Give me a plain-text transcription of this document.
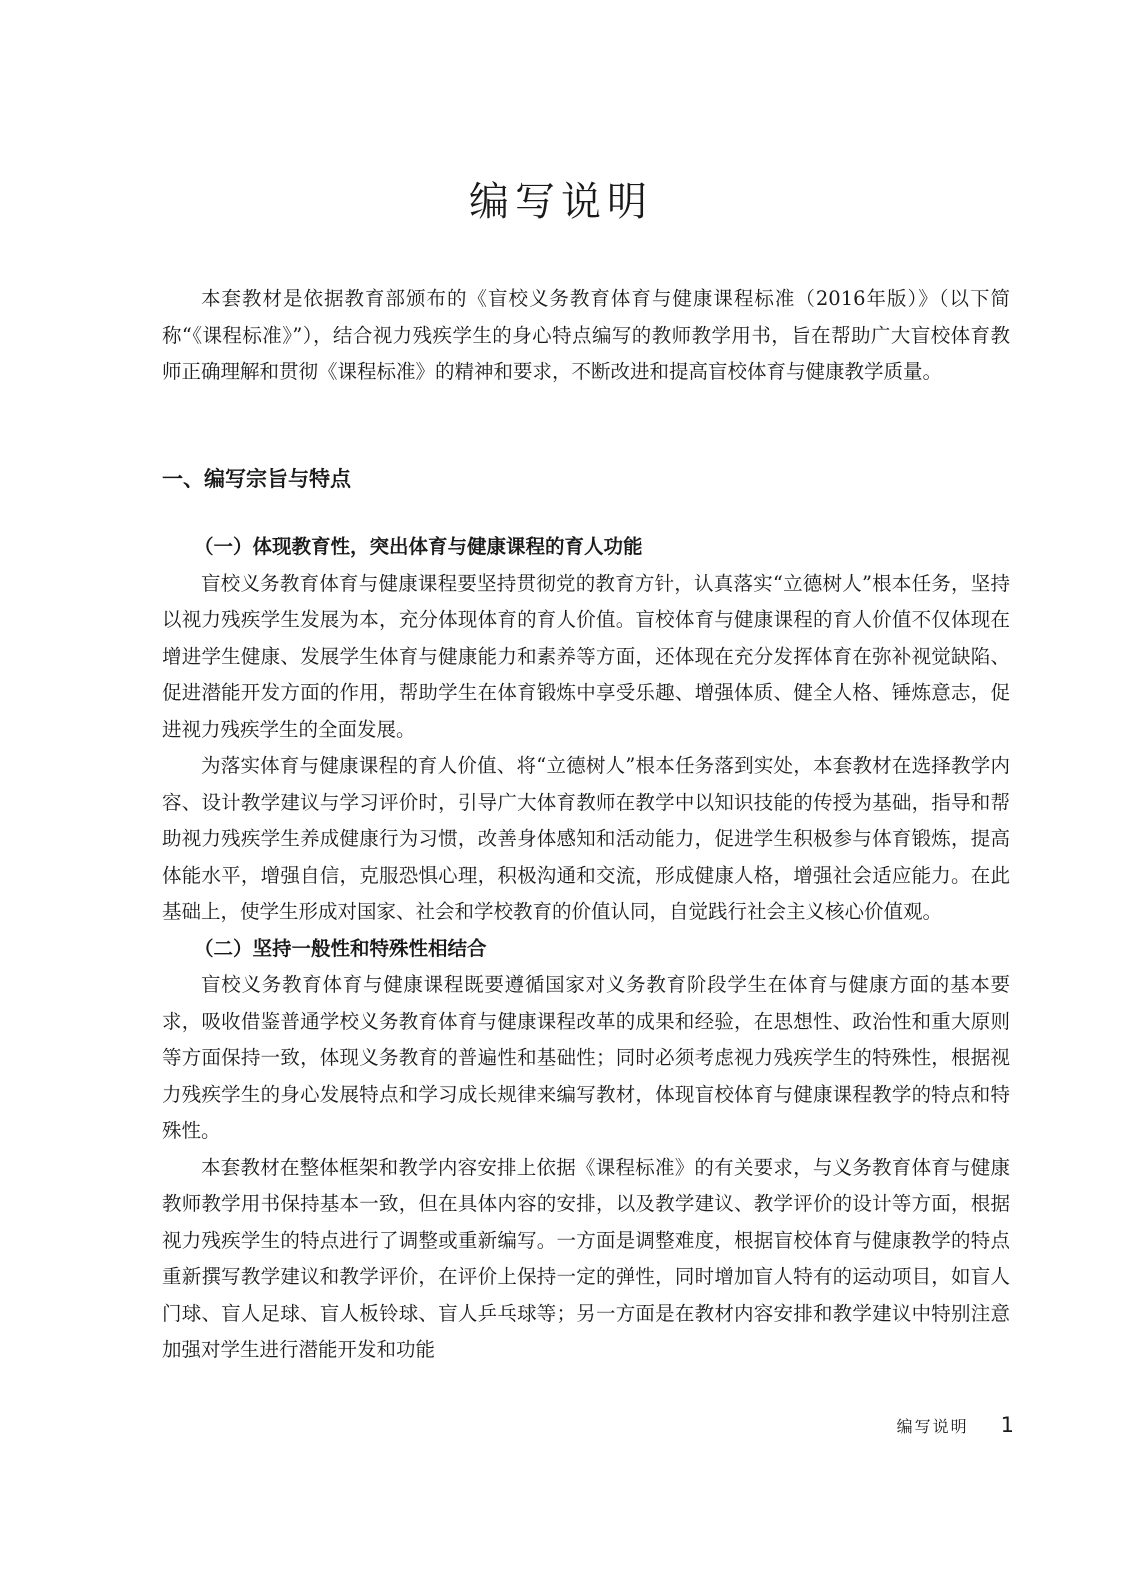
编写说明

本套教材是依据教育部颁布的《盲校义务教育体育与健康课程标准（2016年版）》（以下简称“《课程标准》”），结合视力残疾学生的身心特点编写的教师教学用书，旨在帮助广大盲校体育教师正确理解和贯彻《课程标准》的精神和要求，不断改进和提高盲校体育与健康教学质量。

一、编写宗旨与特点
（一）体现教育性，突出体育与健康课程的育人功能

盲校义务教育体育与健康课程要坚持贯彻党的教育方针，认真落实“立德树人”根本任务，坚持以视力残疾学生发展为本，充分体现体育的育人价值。盲校体育与健康课程的育人价值不仅体现在增进学生健康、发展学生体育与健康能力和素养等方面，还体现在充分发挥体育在弥补视觉缺陷、促进潜能开发方面的作用，帮助学生在体育锻炼中享受乐趣、增强体质、健全人格、锤炼意志，促进视力残疾学生的全面发展。

为落实体育与健康课程的育人价值、将“立德树人”根本任务落到实处，本套教材在选择教学内容、设计教学建议与学习评价时，引导广大体育教师在教学中以知识技能的传授为基础，指导和帮助视力残疾学生养成健康行为习惯，改善身体感知和活动能力，促进学生积极参与体育锻炼，提高体能水平，增强自信，克服恐惧心理，积极沟通和交流，形成健康人格，增强社会适应能力。在此基础上，使学生形成对国家、社会和学校教育的价值认同，自觉践行社会主义核心价值观。

（二）坚持一般性和特殊性相结合

盲校义务教育体育与健康课程既要遵循国家对义务教育阶段学生在体育与健康方面的基本要求，吸收借鉴普通学校义务教育体育与健康课程改革的成果和经验，在思想性、政治性和重大原则等方面保持一致，体现义务教育的普遍性和基础性；同时必须考虑视力残疾学生的特殊性，根据视力残疾学生的身心发展特点和学习成长规律来编写教材，体现盲校体育与健康课程教学的特点和特殊性。

本套教材在整体框架和教学内容安排上依据《课程标准》的有关要求，与义务教育体育与健康教师教学用书保持基本一致，但在具体内容的安排，以及教学建议、教学评价的设计等方面，根据视力残疾学生的特点进行了调整或重新编写。一方面是调整难度，根据盲校体育与健康教学的特点重新撰写教学建议和教学评价，在评价上保持一定的弹性，同时增加盲人特有的运动项目，如盲人门球、盲人足球、盲人板铃球、盲人乒乓球等；另一方面是在教材内容安排和教学建议中特别注意加强对学生进行潜能开发和功能

编写说明 1
